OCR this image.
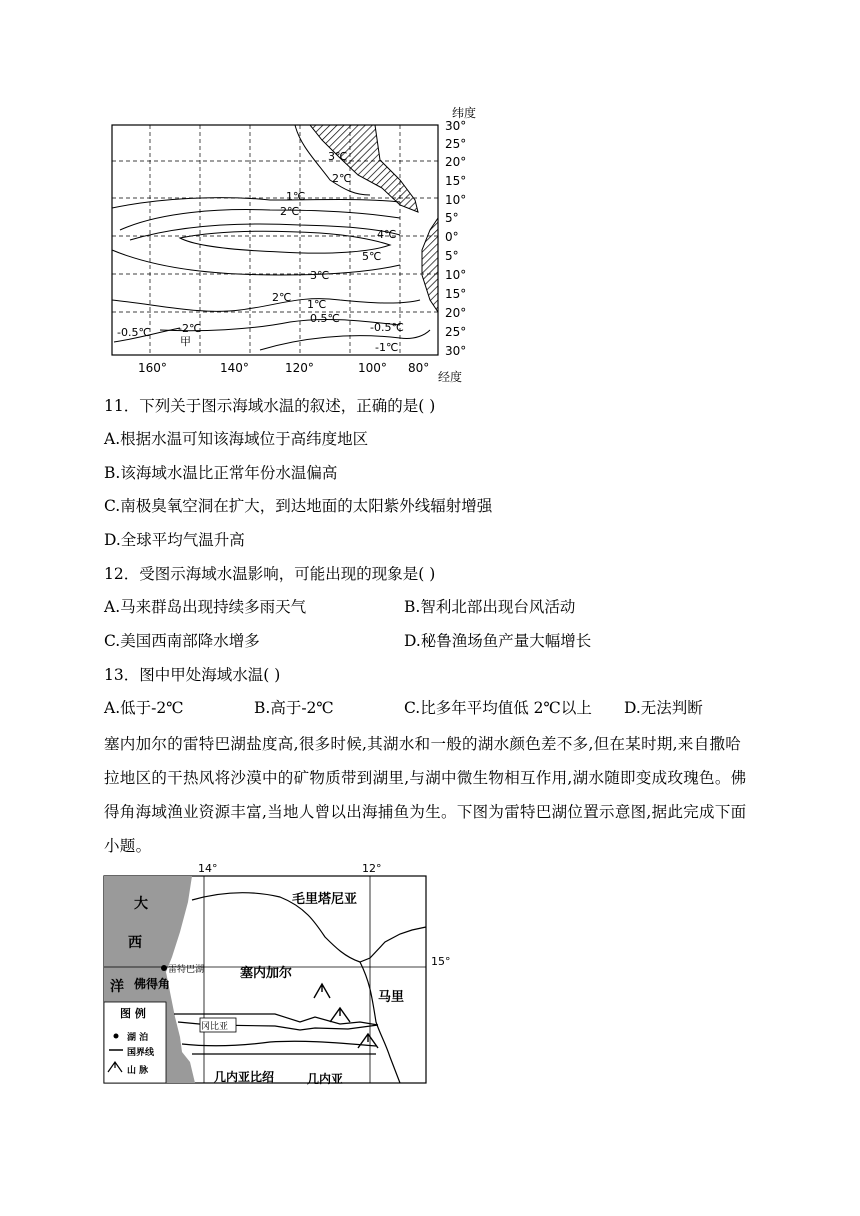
纬度
30°
25°
20°
15°
10°
5°
0°
5°
10°
15°
20°
25°
30°
160°	140°	120°	100° 80°
经度
3℃
2℃
1℃
2℃
4℃
5℃
3℃
2℃
1℃
0.5℃
-0.5℃ -2℃	-0.5℃
-1℃
甲
11．下列关于图示海域水温的叙述，正确的是( )
A.根据水温可知该海域位于高纬度地区
B.该海域水温比正常年份水温偏高
C.南极臭氧空洞在扩大，到达地面的太阳紫外线辐射增强
D.全球平均气温升高
12．受图示海域水温影响，可能出现的现象是( )
A.马来群岛出现持续多雨天气	B.智利北部出现台风活动
C.美国西南部降水增多	D.秘鲁渔场鱼产量大幅增长
13．图中甲处海域水温( )
A.低于-2℃	B.高于-2℃	C.比多年平均值低 2℃以上 D.无法判断
塞内加尔的雷特巴湖盐度高,很多时候,其湖水和一般的湖水颜色差不多,但在某时期,来自撒哈拉地区的干热风将沙漠中的矿物质带到湖里,与湖中微生物相互作用,湖水随即变成玫瑰色。佛得角海域渔业资源丰富,当地人曾以出海捕鱼为生。下图为雷特巴湖位置示意图,据此完成下面小题。
14°	12°
15°
大
西
洋
雷特巴湖
佛得角
毛里塔尼亚
塞内加尔
马里
冈比亚
几内亚比绍	几内亚
图 例
湖 泊
国界线
山 脉
